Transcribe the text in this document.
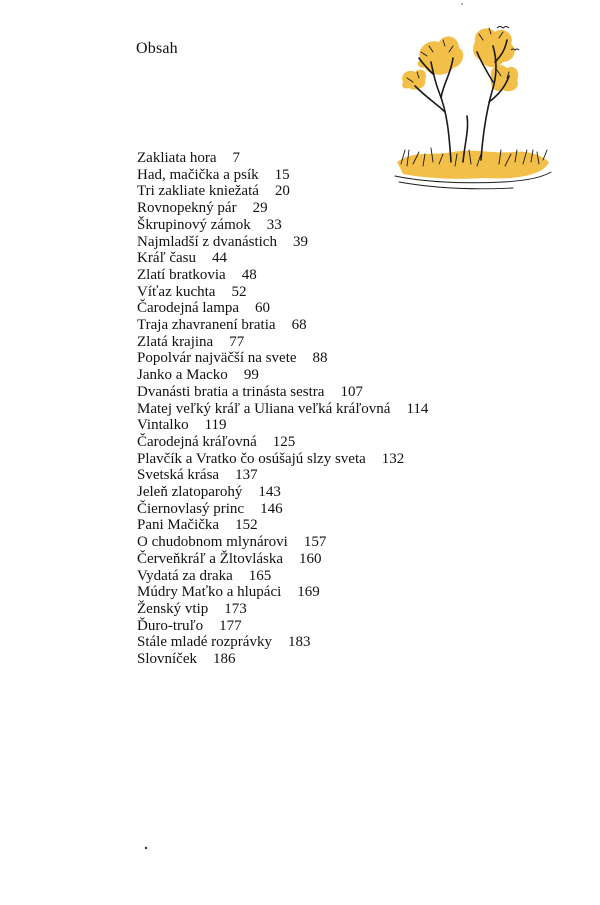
Obsah
Zakliata hora 7
Had, mačička a psík 15
Tri zakliate kniežatá 20
Rovnopekný pár 29
Škrupinový zámok 33
Najmladší z dvanástich 39
Kráľ času 44
Zlatí bratkovia 48
Víťaz kuchta 52
Čarodejná lampa 60
Traja zhavranení bratia 68
Zlatá krajina 77
Popolvár najväčší na svete 88
Janko a Macko 99
Dvanásti bratia a trinásta sestra 107
Matej veľký kráľ a Uliana veľká kráľovná 114
Vintalko 119
Čarodejná kráľovná 125
Plavčík a Vratko čo osúšajú slzy sveta 132
Svetská krása 137
Jeleň zlatoparohý 143
Čiernovlasý princ 146
Pani Mačička 152
O chudobnom mlynárovi 157
Červeňkráľ a Žltovláska 160
Vydatá za draka 165
Múdry Maťko a hlupáci 169
Ženský vtip 173
Ďuro-truľo 177
Stále mladé rozprávky 183
Slovníček 186
